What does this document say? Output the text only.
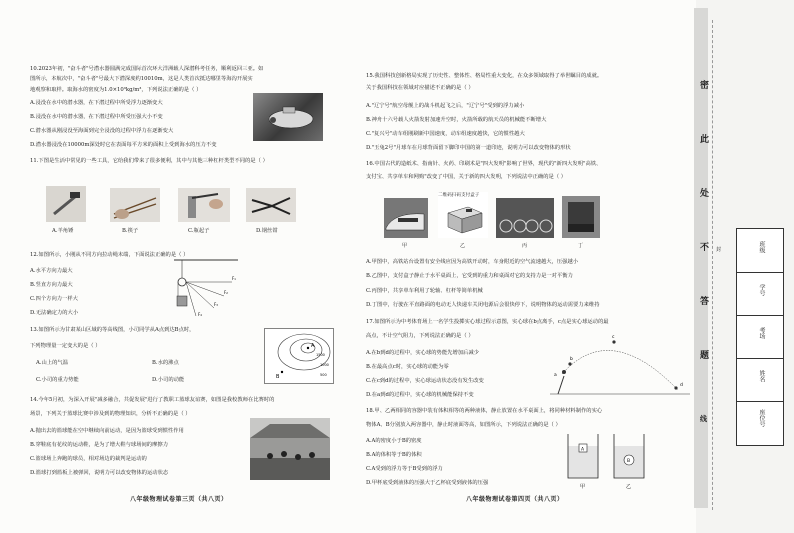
10.2023年初，"奋斗者"号潜水器圆满完成国际首次环大洋洲载人深潜科考任务，顺利返回三亚。如
图所示，本航次中，"奋斗者"号最大下潜深度约10010m，这是人类首次抵达哪里等海沟开展实
地观察和取样。取海水的密度为1.0×10³kg/m³，下列说法正确的是（ ）
A.浸没在水中的潜水器，在下潜过程中所受浮力逐渐变大
B.浸没在水中的潜水器，在下潜过程中所受压强大小不变
C.潜水器从刚浸没至海面到完全浸没的过程中浮力在逐渐变大
D.潜水器浸没在10000m深处时它在表面每平方米的面积上受到海水的压力不变
11.下图是生活中常见的一些工具，它给我们带来了很多便利，其中与其他三种杠杆类型不同的是（ ）
A.羊角锤	B.筷子	C.瓶起子	D.钢丝钳
12.如图所示，小刚从不同方向拉动绳末端，下面说法正确的是（ ）
A.水平方向力最大
B.竖直方向力最大
C.四个方向力一样大
D.无法确定力的大小
13.如图所示为甘肃某山区域的等高线图，小司同学从A点到达B点时，
下列物理量一定变大的是（ ）
A.山上的气温	B.水的沸点
C.小司的重力势能	D.小司的动能
14.今年5月初，为深入开展"减多融合，共促发展"进行了教职工篮球友谊赛，如图是我校教师在比赛时的
场景，下列关于篮球比赛中涉及到的物理知识，分析不正确的是（ ）
A.抛出去的篮球能在空中继续向前运动，是因为篮球受到惯性作用
B.穿鞋底有花纹的运动鞋，是为了增大鞋与球场间的摩擦力
C.篮球场上奔跑的球员，相对场边的裁判是运动的
D.篮球打到篮板上被弹回，说明力可以改变物体的运动状态
八年级物理试卷第三页（共八页）
F₁
F₂
F₃
F₄
A
B
1500
1000
500
15.我国科技创新格局实现了历史性、整体性、格局性重大变化，在众多领域取得了举世瞩目的成就。
关于我国科技在领域对应描述不正确的是（ ）
A."辽宁号"航空母舰上的战斗机起飞之后，"辽宁号"受到的浮力减小
B.神舟十六号载人火箭发射加速升空时，火箭所载的航天员的机械能不断增大
C."复兴号"动车组刚刷新中国速度，动车组速度越快，它的惯性越大
D."玉兔2号"月球车在月球背面留下脚印中国的第一道印迹，说明力可以改变物体的形状
16.中国古代的造纸术、指南针、火药、印刷术是"四大发明"影响了世界，现代的"新四大发明"高铁、
支付宝、共享单车和网购"改变了中国，关于新的四大发明，下列说法中正确的是（ ）
A.甲图中，高铁站台设置有安全线应因为高铁开动时，车身附近的空气流速越大，压强越小
B.乙图中，支付盒子静止于水平桌面上，它受到的重力和桌面对它的支持力是一对平衡力
C.丙图中，共享单车利用了轮轴、杠杆等简单机械
D.丁图中，行驶在平直路面的电动无人快递车关闭电源后会很快停下，说明物体的运动需要力来维持
17.如图所示为中考体育场上一名学生投掷实心球过程示意图，实心球在b点离手，c点是实心球运动的最
高点，不计空气阻力，下列说法正确的是（ ）
A.在b到d的过程中，实心球的势能先增加后减少
B.在最高点c时，实心球的动能为零
C.在c到d的过程中，实心球运动状态没有发生改变
D.在a到d的过程中，实心球的机械能保持不变
18.甲、乙两相同的容器中装有体积相等的两种液体，静止放置在水平桌面上，将同种材料制作的实心
物体A、B分别放入两容器中，静止时液面等高，如图所示，下列说法正确的是（ ）
A.A的密度小于B的密度
B.A的体积等于B的体积
C.A受到的浮力等于B受到的浮力
D.甲杯底受到液体的压强大于乙杯底受到液体的压强
八年级物理试卷第四页（共八页）
二维码扫码支付盒子
甲	乙	丙	丁
a
b
c
d
A
B
甲	乙
密
此
处
不
答
题
线
封	班级
学号
考场
姓名
座位号
